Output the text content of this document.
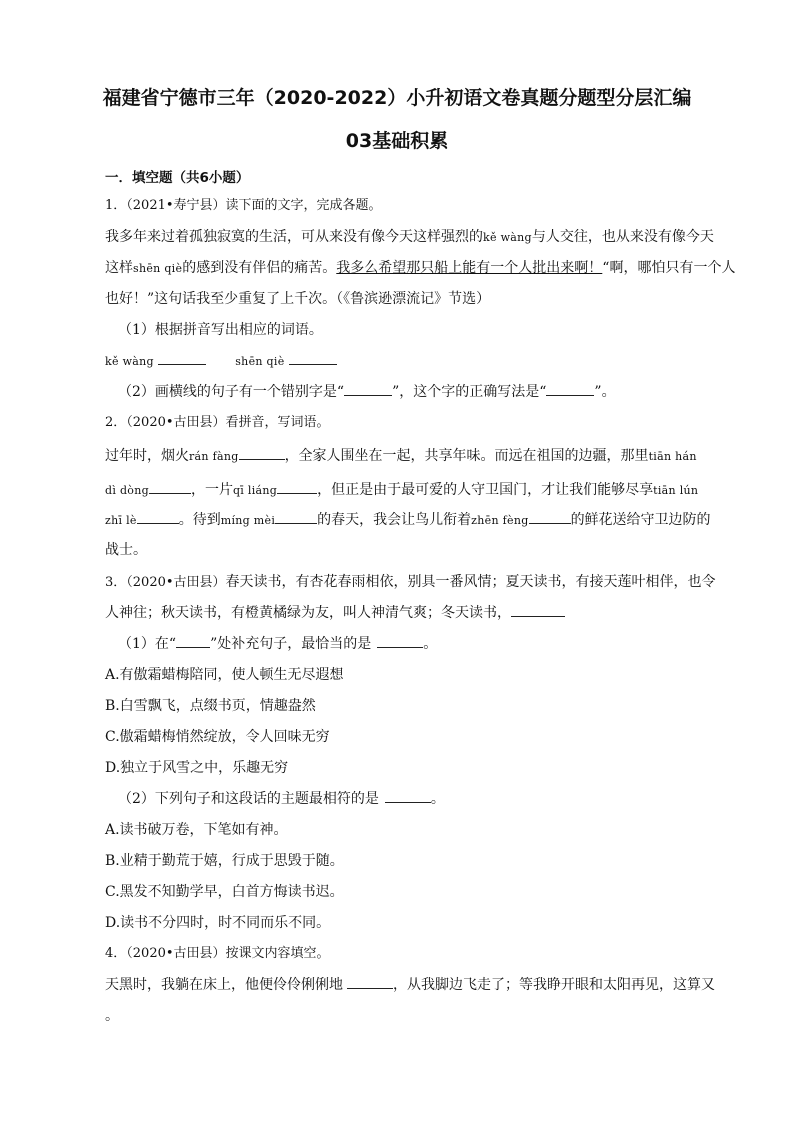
福建省宁德市三年（2020-2022）小升初语文卷真题分题型分层汇编
03基础积累
一．填空题（共6小题）
1．（2021•寿宁县）读下面的文字，完成各题。
我多年来过着孤独寂寞的生活，可从来没有像今天这样强烈的kě wàng与人交往，也从来没有像今天
这样shēn qiè的感到没有伴侣的痛苦。我多么希望那只船上能有一个人批出来啊！“啊，哪怕只有一个人
也好！”这句话我至少重复了上千次。（《鲁滨逊漂流记》节选）
（1）根据拼音写出相应的词语。
kě wàng	shēn qiè
（2）画横线的句子有一个错别字是“	”，这个字的正确写法是“	”。
2．（2020•古田县）看拼音，写词语。
过年时，烟火rán fàng	，全家人围坐在一起，共享年味。而远在祖国的边疆，那里tiān hán
dì dòng	，一片qī liáng	，但正是由于最可爱的人守卫国门，才让我们能够尽享tiān lún
zhī lè	。待到míng mèi	的春天，我会让鸟儿衔着zhēn fèng	的鲜花送给守卫边防的
战士。
3．（2020•古田县）春天读书，有杏花春雨相依，别具一番风情；夏天读书，有接天莲叶相伴，也令
人神往；秋天读书，有橙黄橘绿为友，叫人神清气爽；冬天读书，
（1）在“ ”处补充句子，最恰当的是	。
A.有傲霜蜡梅陪同，使人顿生无尽遐想
B.白雪飘飞，点缀书页，情趣盎然
C.傲霜蜡梅悄然绽放，令人回味无穷
D.独立于风雪之中，乐趣无穷
（2）下列句子和这段话的主题最相符的是	。
A.读书破万卷，下笔如有神。
B.业精于勤荒于嬉，行成于思毁于随。
C.黑发不知勤学早，白首方悔读书迟。
D.读书不分四时，时不同而乐不同。
4．（2020•古田县）按课文内容填空。
天黑时，我躺在床上，他便伶伶俐俐地	，从我脚边飞走了；等我睁开眼和太阳再见，这算又
。
